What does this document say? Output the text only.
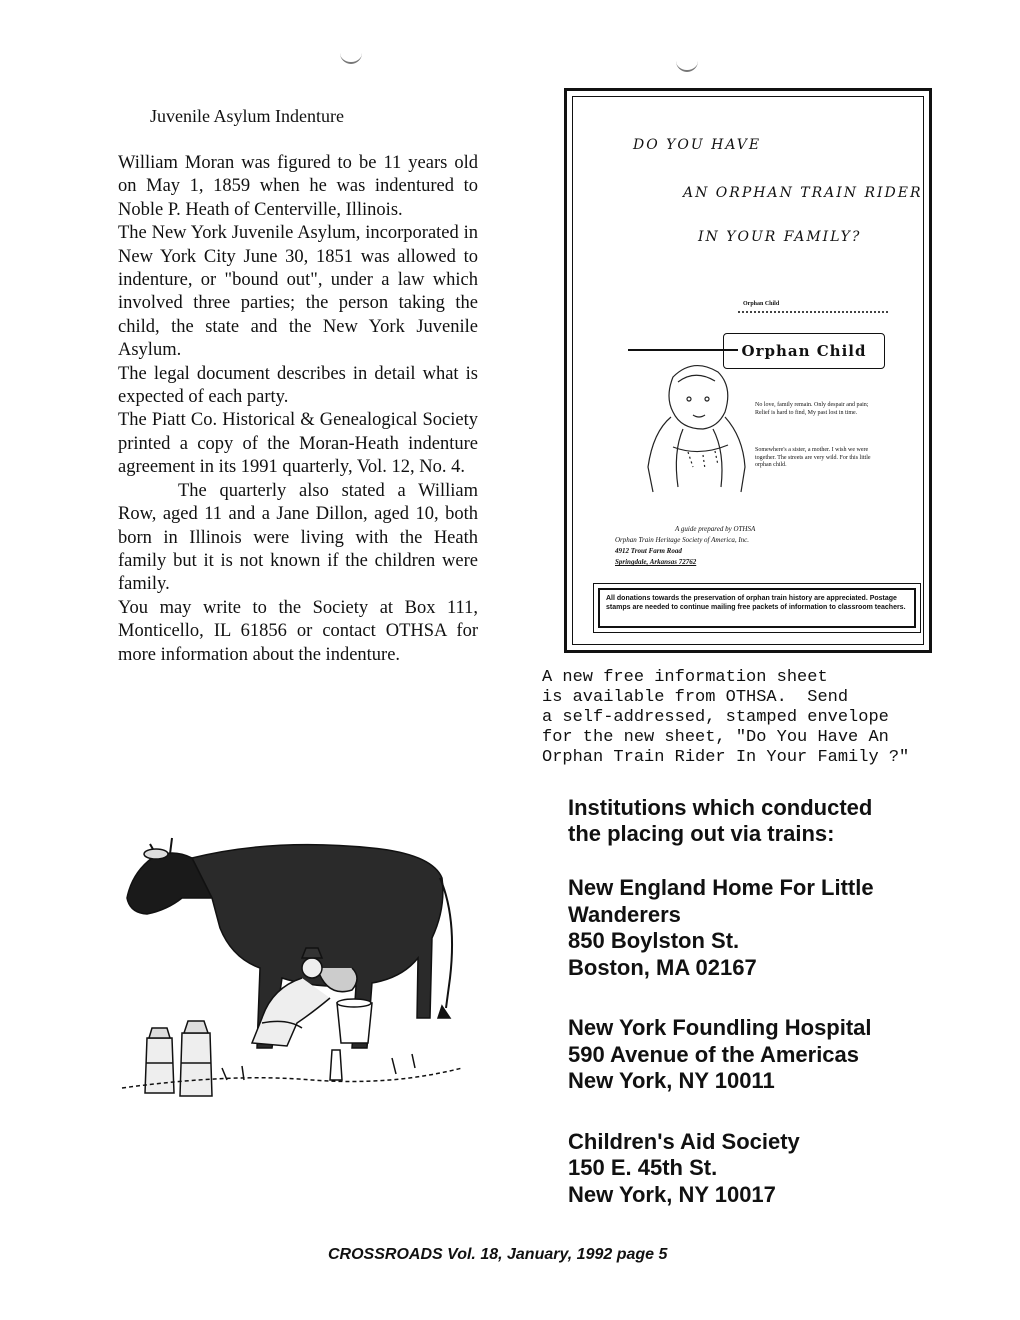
Juvenile Asylum Indenture

William Moran was figured to be 11 years old on May 1, 1859 when he was indentured to Noble P. Heath of Centerville, Illinois.

The New York Juvenile Asylum, incorporated in New York City June 30, 1851 was allowed to indenture, or "bound out", under a law which involved three parties; the person taking the child, the state and the New York Juvenile Asylum.

The legal document describes in detail what is expected of each party.

The Piatt Co. Historical & Genealogical Society printed a copy of the Moran-Heath indenture agreement in its 1991 quarterly, Vol. 12, No. 4.

The quarterly also stated a William Row, aged 11 and a Jane Dillon, aged 10, both born in Illinois were living with the Heath family but it is not known if the children were family.

You may write to the Society at Box 111, Monticello, IL 61856 or contact OTHSA for more information about the indenture.

DO YOU HAVE
AN ORPHAN TRAIN RIDER
IN YOUR FAMILY?
Orphan Child
Orphan Child
No love, family remain. Only despair and pain; Relief is hard to find, My past lost in time.
Somewhere's a sister, a mother. I wish we were together. The streets are very wild. For this little orphan child.
A guide prepared by OTHSA
Orphan Train Heritage Society of America, Inc.
4912 Trout Farm Road
Springdale, Arkansas 72762
All donations towards the preservation of orphan train history are appreciated. Postage stamps are needed to continue mailing free packets of information to classroom teachers.
A new free information sheet
is available from OTHSA.  Send
a self-addressed, stamped envelope
for the new sheet, "Do You Have An
Orphan Train Rider In Your Family ?"
Institutions which conducted
the placing out via trains:
New England Home For Little
Wanderers
850 Boylston St.
Boston, MA 02167
New York Foundling Hospital
590 Avenue of the Americas
New York, NY 10011
Children's Aid Society
150 E. 45th St.
New York, NY 10017
CROSSROADS Vol. 18, January, 1992 page 5
